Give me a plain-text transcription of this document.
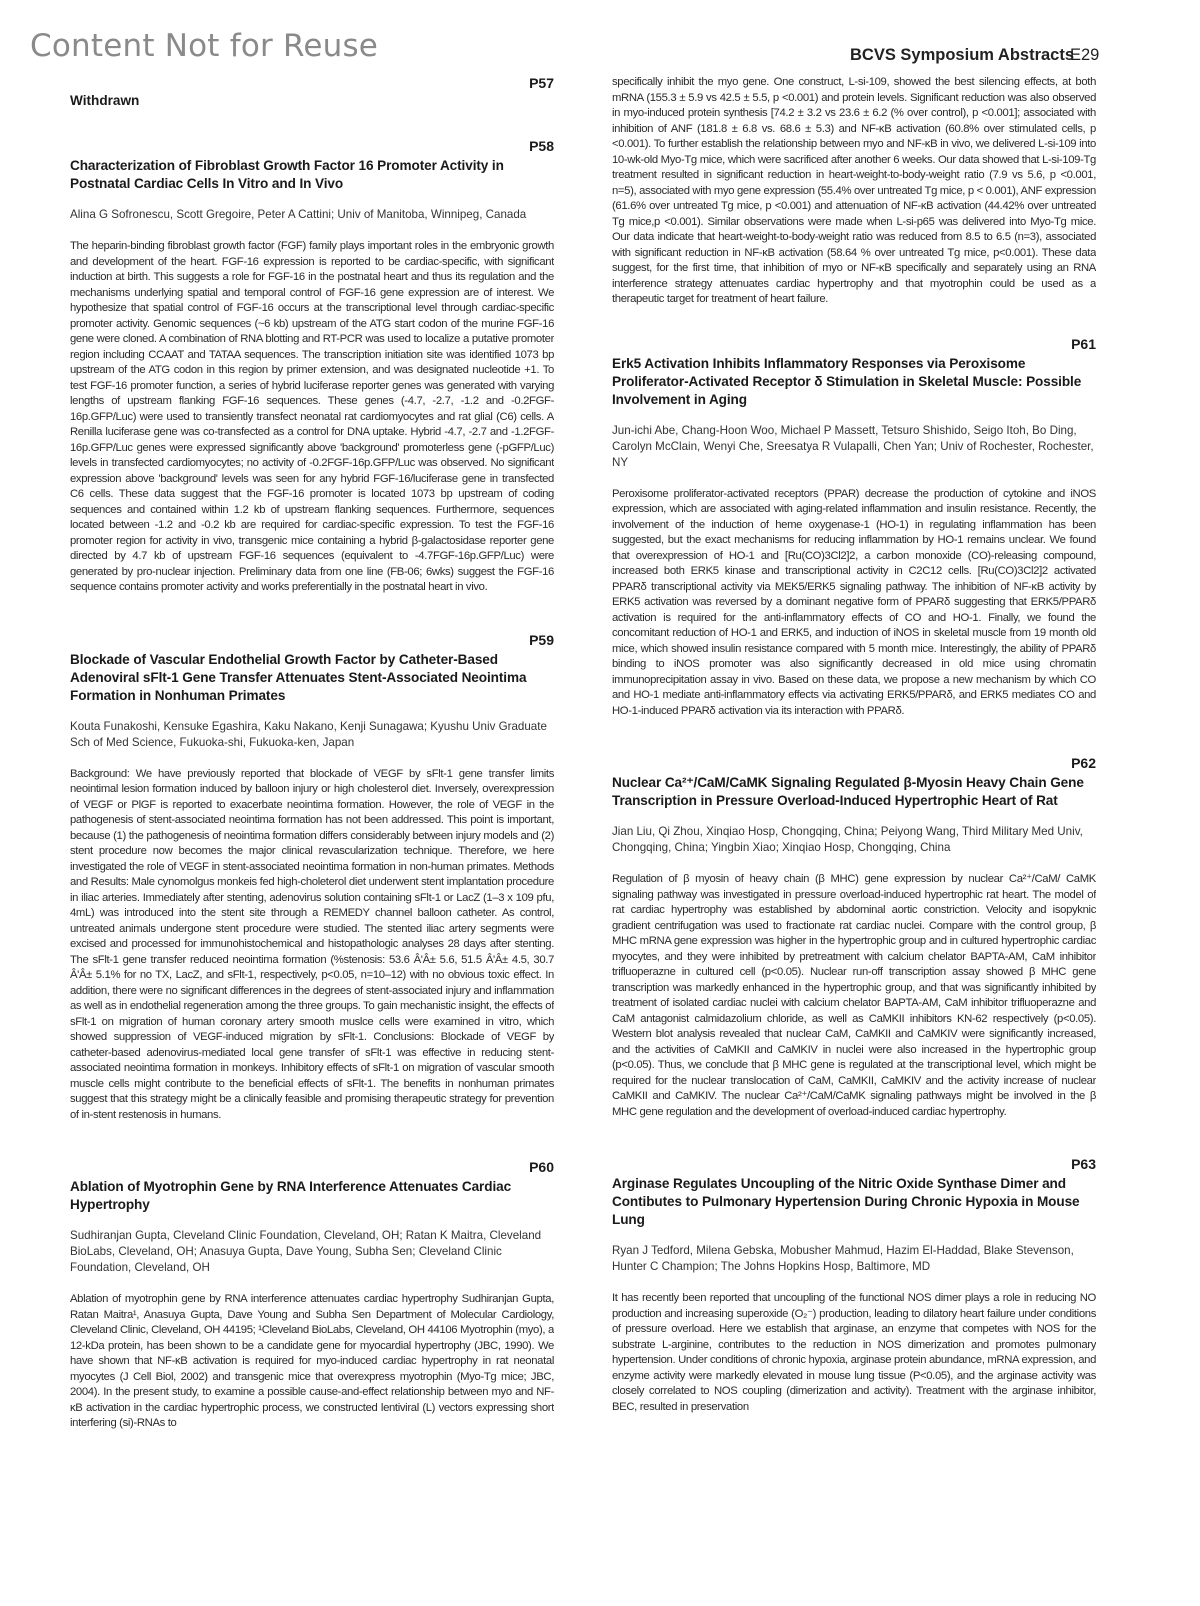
Content Not for Reuse	BCVS Symposium Abstracts
E29
P57
Withdrawn
P58
Characterization of Fibroblast Growth Factor 16 Promoter Activity in Postnatal Cardiac Cells In Vitro and In Vivo
Alina G Sofronescu, Scott Gregoire, Peter A Cattini; Univ of Manitoba, Winnipeg, Canada
The heparin-binding fibroblast growth factor (FGF) family plays important roles in the embryonic growth and development of the heart. FGF-16 expression is reported to be cardiac-specific, with significant induction at birth. This suggests a role for FGF-16 in the postnatal heart and thus its regulation and the mechanisms underlying spatial and temporal control of FGF-16 gene expression are of interest. We hypothesize that spatial control of FGF-16 occurs at the transcriptional level through cardiac-specific promoter activity. Genomic sequences (~6 kb) upstream of the ATG start codon of the murine FGF-16 gene were cloned. A combination of RNA blotting and RT-PCR was used to localize a putative promoter region including CCAAT and TATAA sequences. The transcription initiation site was identified 1073 bp upstream of the ATG codon in this region by primer extension, and was designated nucleotide +1. To test FGF-16 promoter function, a series of hybrid luciferase reporter genes was generated with varying lengths of upstream flanking FGF-16 sequences. These genes (-4.7, -2.7, -1.2 and -0.2FGF-16p.GFP/Luc) were used to transiently transfect neonatal rat cardiomyocytes and rat glial (C6) cells. A Renilla luciferase gene was co-transfected as a control for DNA uptake. Hybrid -4.7, -2.7 and -1.2FGF-16p.GFP/Luc genes were expressed significantly above 'background' promoterless gene (-pGFP/Luc) levels in transfected cardiomyocytes; no activity of -0.2FGF-16p.GFP/Luc was observed. No significant expression above 'background' levels was seen for any hybrid FGF-16/luciferase gene in transfected C6 cells. These data suggest that the FGF-16 promoter is located 1073 bp upstream of coding sequences and contained within 1.2 kb of upstream flanking sequences. Furthermore, sequences located between -1.2 and -0.2 kb are required for cardiac-specific expression. To test the FGF-16 promoter region for activity in vivo, transgenic mice containing a hybrid β-galactosidase reporter gene directed by 4.7 kb of upstream FGF-16 sequences (equivalent to -4.7FGF-16p.GFP/Luc) were generated by pro-nuclear injection. Preliminary data from one line (FB-06; 6wks) suggest the FGF-16 sequence contains promoter activity and works preferentially in the postnatal heart in vivo.
P59
Blockade of Vascular Endothelial Growth Factor by Catheter-Based Adenoviral sFlt-1 Gene Transfer Attenuates Stent-Associated Neointima Formation in Nonhuman Primates
Kouta Funakoshi, Kensuke Egashira, Kaku Nakano, Kenji Sunagawa; Kyushu Univ Graduate Sch of Med Science, Fukuoka-shi, Fukuoka-ken, Japan
Background: We have previously reported that blockade of VEGF by sFlt-1 gene transfer limits neointimal lesion formation induced by balloon injury or high cholesterol diet. Inversely, overexpression of VEGF or PlGF is reported to exacerbate neointima formation. However, the role of VEGF in the pathogenesis of stent-associated neointima formation has not been addressed. This point is important, because (1) the pathogenesis of neointima formation differs considerably between injury models and (2) stent procedure now becomes the major clinical revascularization technique. Therefore, we here investigated the role of VEGF in stent-associated neointima formation in non-human primates. Methods and Results: Male cynomolgus monkeis fed high-choleterol diet underwent stent implantation procedure in iliac arteries. Immediately after stenting, adenovirus solution containing sFlt-1 or LacZ (1–3 x 109 pfu, 4mL) was introduced into the stent site through a REMEDY channel balloon catheter. As control, untreated animals undergone stent procedure were studied. The stented iliac artery segments were excised and processed for immunohistochemical and histopathologic analyses 28 days after stenting. The sFlt-1 gene transfer reduced neointima formation (%stenosis: 53.6 Â'Â± 5.6, 51.5 Â'Â± 4.5, 30.7 Â'Â± 5.1% for no TX, LacZ, and sFlt-1, respectively, p<0.05, n=10–12) with no obvious toxic effect. In addition, there were no significant differences in the degrees of stent-associated injury and inflammation as well as in endothelial regeneration among the three groups. To gain mechanistic insight, the effects of sFlt-1 on migration of human coronary artery smooth muslce cells were examined in vitro, which showed suppression of VEGF-induced migration by sFlt-1. Conclusions: Blockade of VEGF by catheter-based adenovirus-mediated local gene transfer of sFlt-1 was effective in reducing stent-associated neointima formation in monkeys. Inhibitory effects of sFlt-1 on migration of vascular smooth muscle cells might contribute to the beneficial effects of sFlt-1. The benefits in nonhuman primates suggest that this strategy might be a clinically feasible and promising therapeutic strategy for prevention of in-stent restenosis in humans.
P60
Ablation of Myotrophin Gene by RNA Interference Attenuates Cardiac Hypertrophy
Sudhiranjan Gupta, Cleveland Clinic Foundation, Cleveland, OH; Ratan K Maitra, Cleveland BioLabs, Cleveland, OH; Anasuya Gupta, Dave Young, Subha Sen; Cleveland Clinic Foundation, Cleveland, OH
Ablation of myotrophin gene by RNA interference attenuates cardiac hypertrophy Sudhiranjan Gupta, Ratan Maitra¹, Anasuya Gupta, Dave Young and Subha Sen Department of Molecular Cardiology, Cleveland Clinic, Cleveland, OH 44195; ¹Cleveland BioLabs, Cleveland, OH 44106 Myotrophin (myo), a 12-kDa protein, has been shown to be a candidate gene for myocardial hypertrophy (JBC, 1990). We have shown that NF-κB activation is required for myo-induced cardiac hypertrophy in rat neonatal myocytes (J Cell Biol, 2002) and transgenic mice that overexpress myotrophin (Myo-Tg mice; JBC, 2004). In the present study, to examine a possible cause-and-effect relationship between myo and NF-κB activation in the cardiac hypertrophic process, we constructed lentiviral (L) vectors expressing short interfering (si)-RNAs to
specifically inhibit the myo gene. One construct, L-si-109, showed the best silencing effects, at both mRNA (155.3 ± 5.9 vs 42.5 ± 5.5, p <0.001) and protein levels. Significant reduction was also observed in myo-induced protein synthesis [74.2 ± 3.2 vs 23.6 ± 6.2 (% over control), p <0.001]; associated with inhibition of ANF (181.8 ± 6.8 vs. 68.6 ± 5.3) and NF-κB activation (60.8% over stimulated cells, p <0.001). To further establish the relationship between myo and NF-κB in vivo, we delivered L-si-109 into 10-wk-old Myo-Tg mice, which were sacrificed after another 6 weeks. Our data showed that L-si-109-Tg treatment resulted in significant reduction in heart-weight-to-body-weight ratio (7.9 vs 5.6, p <0.001, n=5), associated with myo gene expression (55.4% over untreated Tg mice, p < 0.001), ANF expression (61.6% over untreated Tg mice, p <0.001) and attenuation of NF-κB activation (44.42% over untreated Tg mice,p <0.001). Similar observations were made when L-si-p65 was delivered into Myo-Tg mice. Our data indicate that heart-weight-to-body-weight ratio was reduced from 8.5 to 6.5 (n=3), associated with significant reduction in NF-κB activation (58.64 % over untreated Tg mice, p<0.001). These data suggest, for the first time, that inhibition of myo or NF-κB specifically and separately using an RNA interference strategy attenuates cardiac hypertrophy and that myotrophin could be used as a therapeutic target for treatment of heart failure.
P61
Erk5 Activation Inhibits Inflammatory Responses via Peroxisome Proliferator-Activated Receptor δ Stimulation in Skeletal Muscle: Possible Involvement in Aging
Jun-ichi Abe, Chang-Hoon Woo, Michael P Massett, Tetsuro Shishido, Seigo Itoh, Bo Ding, Carolyn McClain, Wenyi Che, Sreesatya R Vulapalli, Chen Yan; Univ of Rochester, Rochester, NY
Peroxisome proliferator-activated receptors (PPAR) decrease the production of cytokine and iNOS expression, which are associated with aging-related inflammation and insulin resistance. Recently, the involvement of the induction of heme oxygenase-1 (HO-1) in regulating inflammation has been suggested, but the exact mechanisms for reducing inflammation by HO-1 remains unclear. We found that overexpression of HO-1 and [Ru(CO)3Cl2]2, a carbon monoxide (CO)-releasing compound, increased both ERK5 kinase and transcriptional activity in C2C12 cells. [Ru(CO)3Cl2]2 activated PPARδ transcriptional activity via MEK5/ERK5 signaling pathway. The inhibition of NF-κB activity by ERK5 activation was reversed by a dominant negative form of PPARδ suggesting that ERK5/PPARδ activation is required for the anti-inflammatory effects of CO and HO-1. Finally, we found the concomitant reduction of HO-1 and ERK5, and induction of iNOS in skeletal muscle from 19 month old mice, which showed insulin resistance compared with 5 month mice. Interestingly, the ability of PPARδ binding to iNOS promoter was also significantly decreased in old mice using chromatin immunoprecipitation assay in vivo. Based on these data, we propose a new mechanism by which CO and HO-1 mediate anti-inflammatory effects via activating ERK5/PPARδ, and ERK5 mediates CO and HO-1-induced PPARδ activation via its interaction with PPARδ.
P62
Nuclear Ca²⁺/CaM/CaMK Signaling Regulated β-Myosin Heavy Chain Gene Transcription in Pressure Overload-Induced Hypertrophic Heart of Rat
Jian Liu, Qi Zhou, Xinqiao Hosp, Chongqing, China; Peiyong Wang, Third Military Med Univ, Chongqing, China; Yingbin Xiao; Xinqiao Hosp, Chongqing, China
Regulation of β myosin of heavy chain (β MHC) gene expression by nuclear Ca²⁺/CaM/ CaMK signaling pathway was investigated in pressure overload-induced hypertrophic rat heart. The model of rat cardiac hypertrophy was established by abdominal aortic constriction. Velocity and isopyknic gradient centrifugation was used to fractionate rat cardiac nuclei. Compare with the control group, β MHC mRNA gene expression was higher in the hypertrophic group and in cultured hypertrophic cardiac myocytes, and they were inhibited by pretreatment with calcium chelator BAPTA-AM, CaM inhibitor trifluoperazne in cultured cell (p<0.05). Nuclear run-off transcription assay showed β MHC gene transcription was markedly enhanced in the hypertrophic group, and that was significantly inhibited by treatment of isolated cardiac nuclei with calcium chelator BAPTA-AM, CaM inhibitor trifluoperazne and CaM antagonist calmidazolium chloride, as well as CaMKII inhibitors KN-62 respectively (p<0.05). Western blot analysis revealed that nuclear CaM, CaMKII and CaMKIV were significantly increased, and the activities of CaMKII and CaMKIV in nuclei were also increased in the hypertrophic group (p<0.05). Thus, we conclude that β MHC gene is regulated at the transcriptional level, which might be required for the nuclear translocation of CaM, CaMKII, CaMKIV and the activity increase of nuclear CaMKII and CaMKIV. The nuclear Ca²⁺/CaM/CaMK signaling pathways might be involved in the β MHC gene regulation and the development of overload-induced cardiac hypertrophy.
P63
Arginase Regulates Uncoupling of the Nitric Oxide Synthase Dimer and Contibutes to Pulmonary Hypertension During Chronic Hypoxia in Mouse Lung
Ryan J Tedford, Milena Gebska, Mobusher Mahmud, Hazim El-Haddad, Blake Stevenson, Hunter C Champion; The Johns Hopkins Hosp, Baltimore, MD
It has recently been reported that uncoupling of the functional NOS dimer plays a role in reducing NO production and increasing superoxide (O₂⁻) production, leading to dilatory heart failure under conditions of pressure overload. Here we establish that arginase, an enzyme that competes with NOS for the substrate L-arginine, contributes to the reduction in NOS dimerization and promotes pulmonary hypertension. Under conditions of chronic hypoxia, arginase protein abundance, mRNA expression, and enzyme activity were markedly elevated in mouse lung tissue (P<0.05), and the arginase activity was closely correlated to NOS coupling (dimerization and activity). Treatment with the arginase inhibitor, BEC, resulted in preservation
